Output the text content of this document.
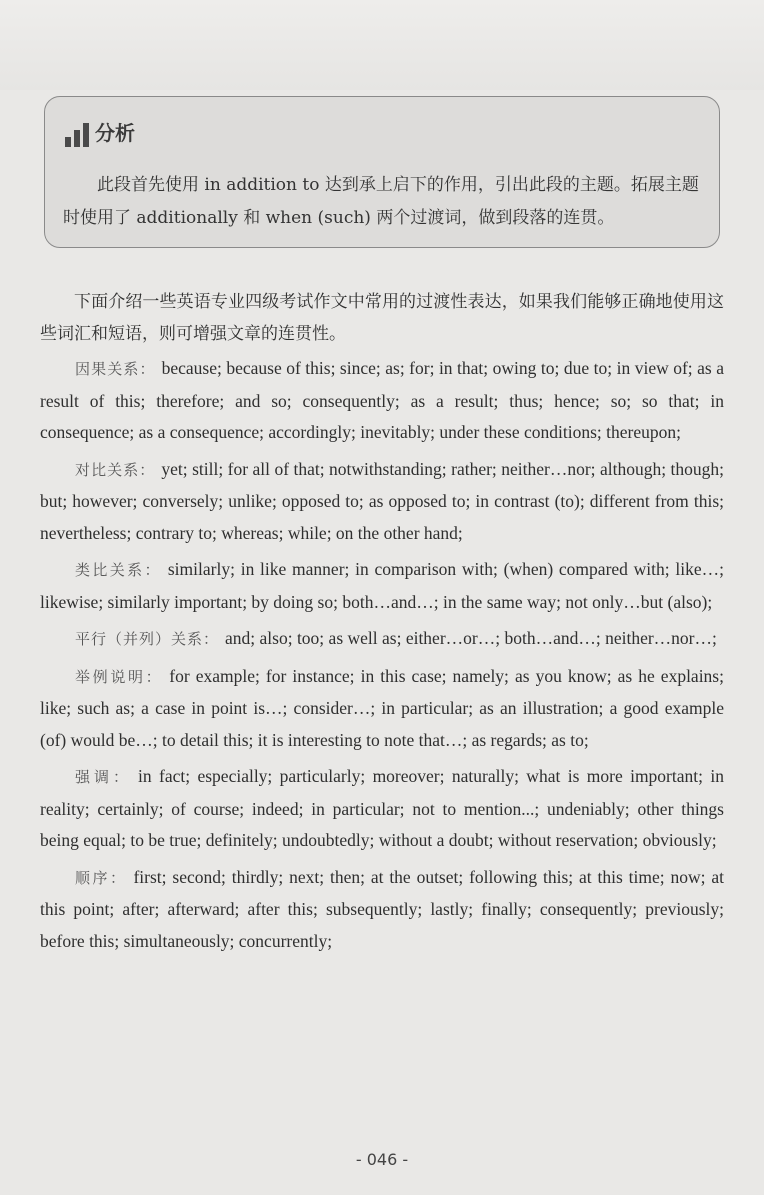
分析

此段首先使用 in addition to 达到承上启下的作用，引出此段的主题。拓展主题时使用了 additionally 和 when (such) 两个过渡词，做到段落的连贯。

下面介绍一些英语专业四级考试作文中常用的过渡性表达，如果我们能够正确地使用这些词汇和短语，则可增强文章的连贯性。

因果关系： because; because of this; since; as; for; in that; owing to; due to; in view of; as a result of this; therefore; and so; consequently; as a result; thus; hence; so; so that; in consequence; as a consequence; accordingly; inevitably; under these conditions; thereupon;

对比关系： yet; still; for all of that; notwithstanding; rather; neither…nor; although; though; but; however; conversely; unlike; opposed to; as opposed to; in contrast (to); different from this; nevertheless; contrary to; whereas; while; on the other hand;

类比关系： similarly; in like manner; in comparison with; (when) compared with; like…; likewise; similarly important; by doing so; both…and…; in the same way; not only…but (also);

平行（并列）关系： and; also; too; as well as; either…or…; both…and…; neither…nor…;

举例说明： for example; for instance; in this case; namely; as you know; as he explains; like; such as; a case in point is…; consider…; in particular; as an illustration; a good example (of) would be…; to detail this; it is interesting to note that…; as regards; as to;

强调： in fact; especially; particularly; moreover; naturally; what is more important; in reality; certainly; of course; indeed; in particular; not to mention...; undeniably; other things being equal; to be true; definitely; undoubtedly; without a doubt; without reservation; obviously;

顺序： first; second; thirdly; next; then; at the outset; following this; at this time; now; at this point; after; afterward; after this; subsequently; lastly; finally; consequently; previously; before this; simultaneously; concurrently;

- 046 -
